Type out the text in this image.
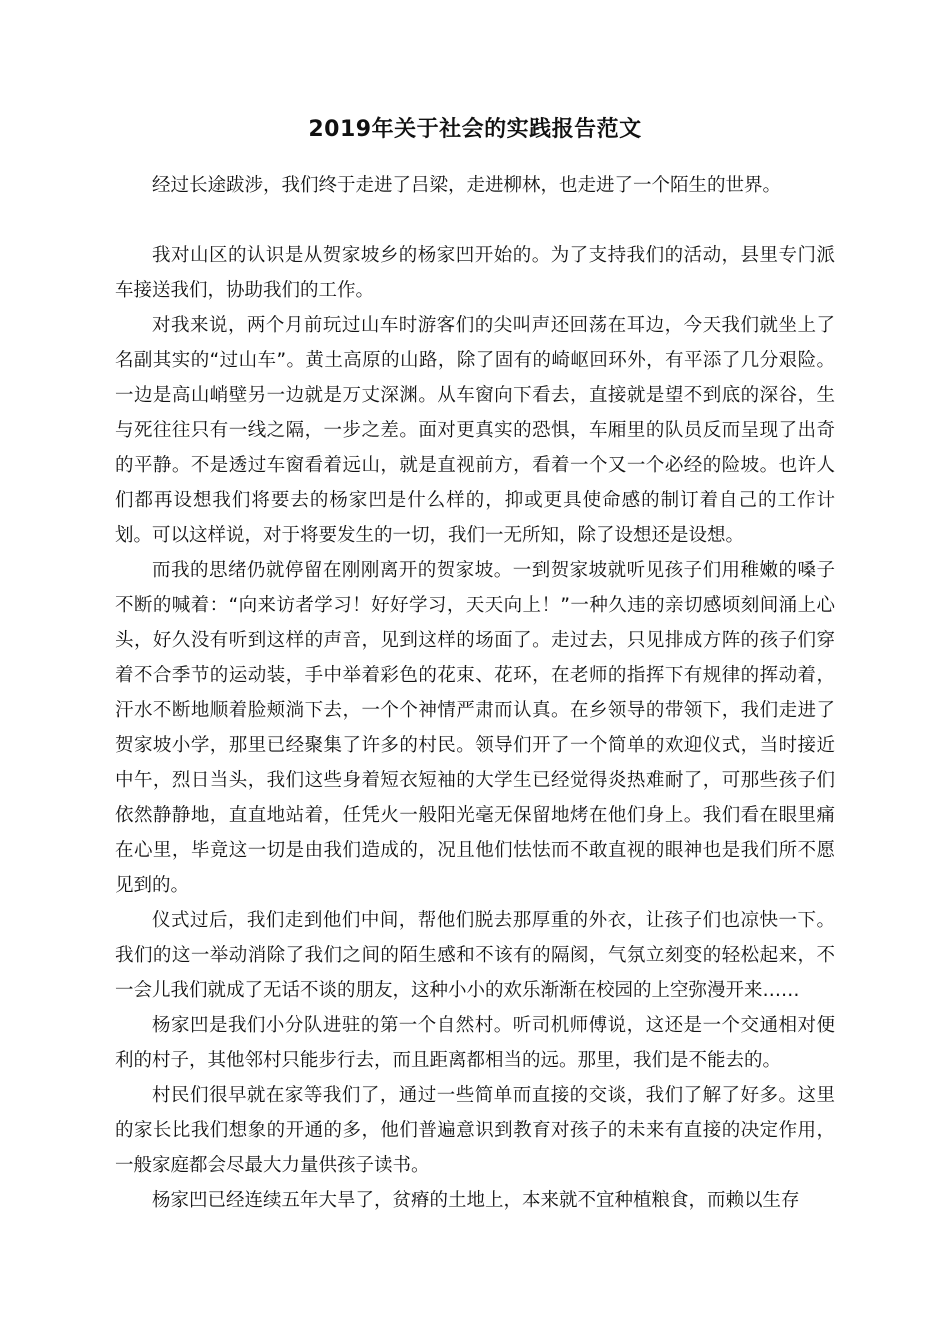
2019年关于社会的实践报告范文

经过长途跋涉，我们终于走进了吕梁，走进柳林，也走进了一个陌生的世界。

我对山区的认识是从贺家坡乡的杨家凹开始的。为了支持我们的活动，县里专门派车接送我们，协助我们的工作。

对我来说，两个月前玩过山车时游客们的尖叫声还回荡在耳边，今天我们就坐上了名副其实的“过山车”。黄土高原的山路，除了固有的崎岖回环外，有平添了几分艰险。一边是高山峭壁另一边就是万丈深渊。从车窗向下看去，直接就是望不到底的深谷，生与死往往只有一线之隔，一步之差。面对更真实的恐惧，车厢里的队员反而呈现了出奇的平静。不是透过车窗看着远山，就是直视前方，看着一个又一个必经的险坡。也许人们都再设想我们将要去的杨家凹是什么样的，抑或更具使命感的制订着自己的工作计划。可以这样说，对于将要发生的一切，我们一无所知，除了设想还是设想。

而我的思绪仍就停留在刚刚离开的贺家坡。一到贺家坡就听见孩子们用稚嫩的嗓子不断的喊着：“向来访者学习！好好学习，天天向上！”一种久违的亲切感顷刻间涌上心头，好久没有听到这样的声音，见到这样的场面了。走过去，只见排成方阵的孩子们穿着不合季节的运动装，手中举着彩色的花束、花环，在老师的指挥下有规律的挥动着，汗水不断地顺着脸颊淌下去，一个个神情严肃而认真。在乡领导的带领下，我们走进了贺家坡小学，那里已经聚集了许多的村民。领导们开了一个简单的欢迎仪式，当时接近中午，烈日当头，我们这些身着短衣短袖的大学生已经觉得炎热难耐了，可那些孩子们依然静静地，直直地站着，任凭火一般阳光毫无保留地烤在他们身上。我们看在眼里痛在心里，毕竟这一切是由我们造成的，况且他们怯怯而不敢直视的眼神也是我们所不愿见到的。

仪式过后，我们走到他们中间，帮他们脱去那厚重的外衣，让孩子们也凉快一下。我们的这一举动消除了我们之间的陌生感和不该有的隔阂，气氛立刻变的轻松起来，不一会儿我们就成了无话不谈的朋友，这种小小的欢乐渐渐在校园的上空弥漫开来……

杨家凹是我们小分队进驻的第一个自然村。听司机师傅说，这还是一个交通相对便利的村子，其他邻村只能步行去，而且距离都相当的远。那里，我们是不能去的。

村民们很早就在家等我们了，通过一些简单而直接的交谈，我们了解了好多。这里的家长比我们想象的开通的多，他们普遍意识到教育对孩子的未来有直接的决定作用，一般家庭都会尽最大力量供孩子读书。

杨家凹已经连续五年大旱了，贫瘠的土地上，本来就不宜种植粮食，而赖以生存
